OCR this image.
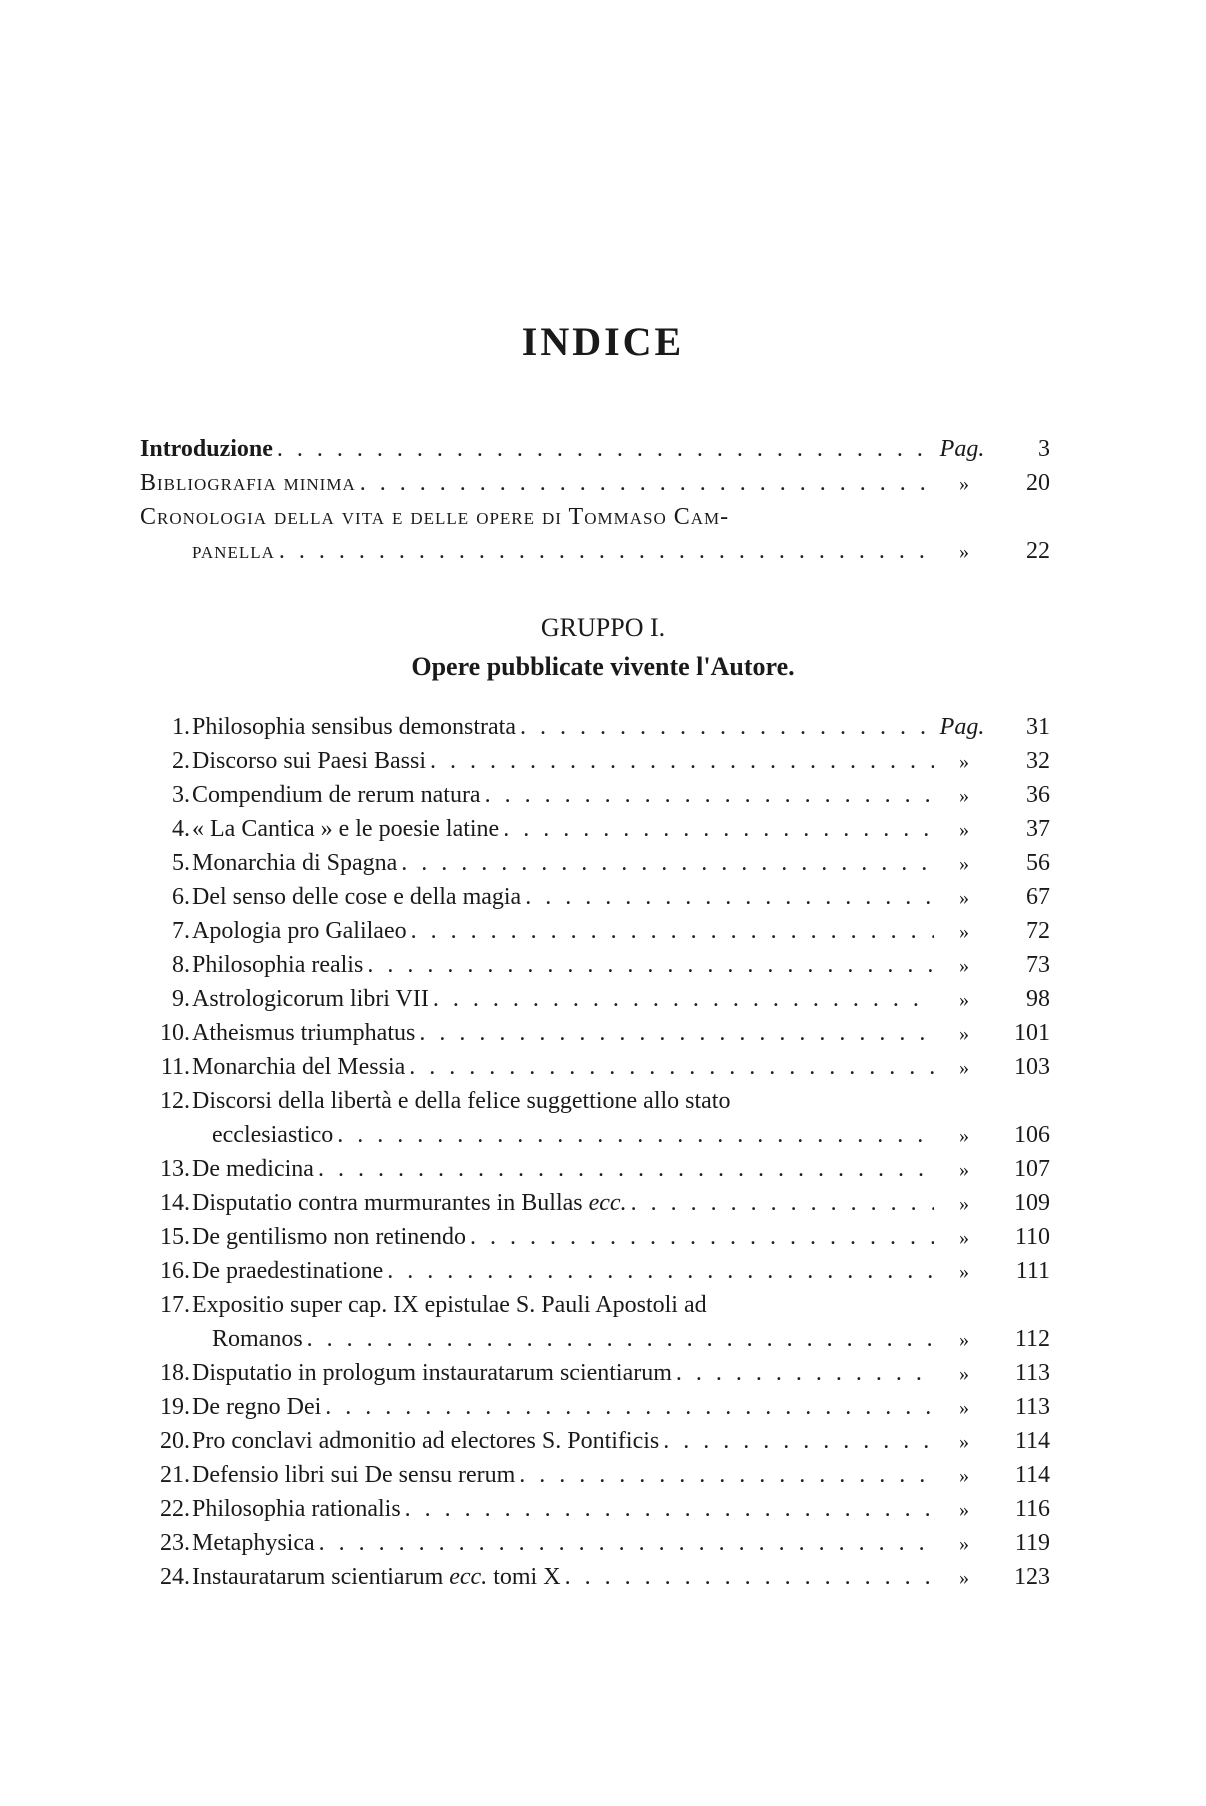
INDICE
Introduzione . . .	Pag.	3
Bibliografia minima . . .	»	20
Cronologia della vita e delle opere di Tommaso Cam-
panella . . .	»	22
GRUPPO I.
Opere pubblicate vivente l'Autore.
1. Philosophia sensibus demonstrata . . .	Pag.	31
2. Discorso sui Paesi Bassi . . .	»	32
3. Compendium de rerum natura . . .	»	36
4. « La Cantica » e le poesie latine . . .	»	37
5. Monarchia di Spagna . . .	»	56
6. Del senso delle cose e della magia . . .	»	67
7. Apologia pro Galilaeo . . .	»	72
8. Philosophia realis . . .	»	73
9. Astrologicorum libri VII . . .	»	98
10. Atheismus triumphatus . . .	»	101
11. Monarchia del Messia . . .	»	103
12. Discorsi della libertà e della felice suggettione allo stato
ecclesiastico . . .	»	106
13. De medicina . . .	»	107
14. Disputatio contra murmurantes in Bullas ecc. . . .	»	109
15. De gentilismo non retinendo . . .	»	110
16. De praedestinatione . . .	»	111
17. Expositio super cap. IX epistulae S. Pauli Apostoli ad
Romanos . . .	»	112
18. Disputatio in prologum instauratarum scientiarum . . .	»	113
19. De regno Dei . . .	»	113
20. Pro conclavi admonitio ad electores S. Pontificis . . .	»	114
21. Defensio libri sui De sensu rerum . . .	»	114
22. Philosophia rationalis . . .	»	116
23. Metaphysica . . .	»	119
24. Instauratarum scientiarum ecc. tomi X . . .	»	123
